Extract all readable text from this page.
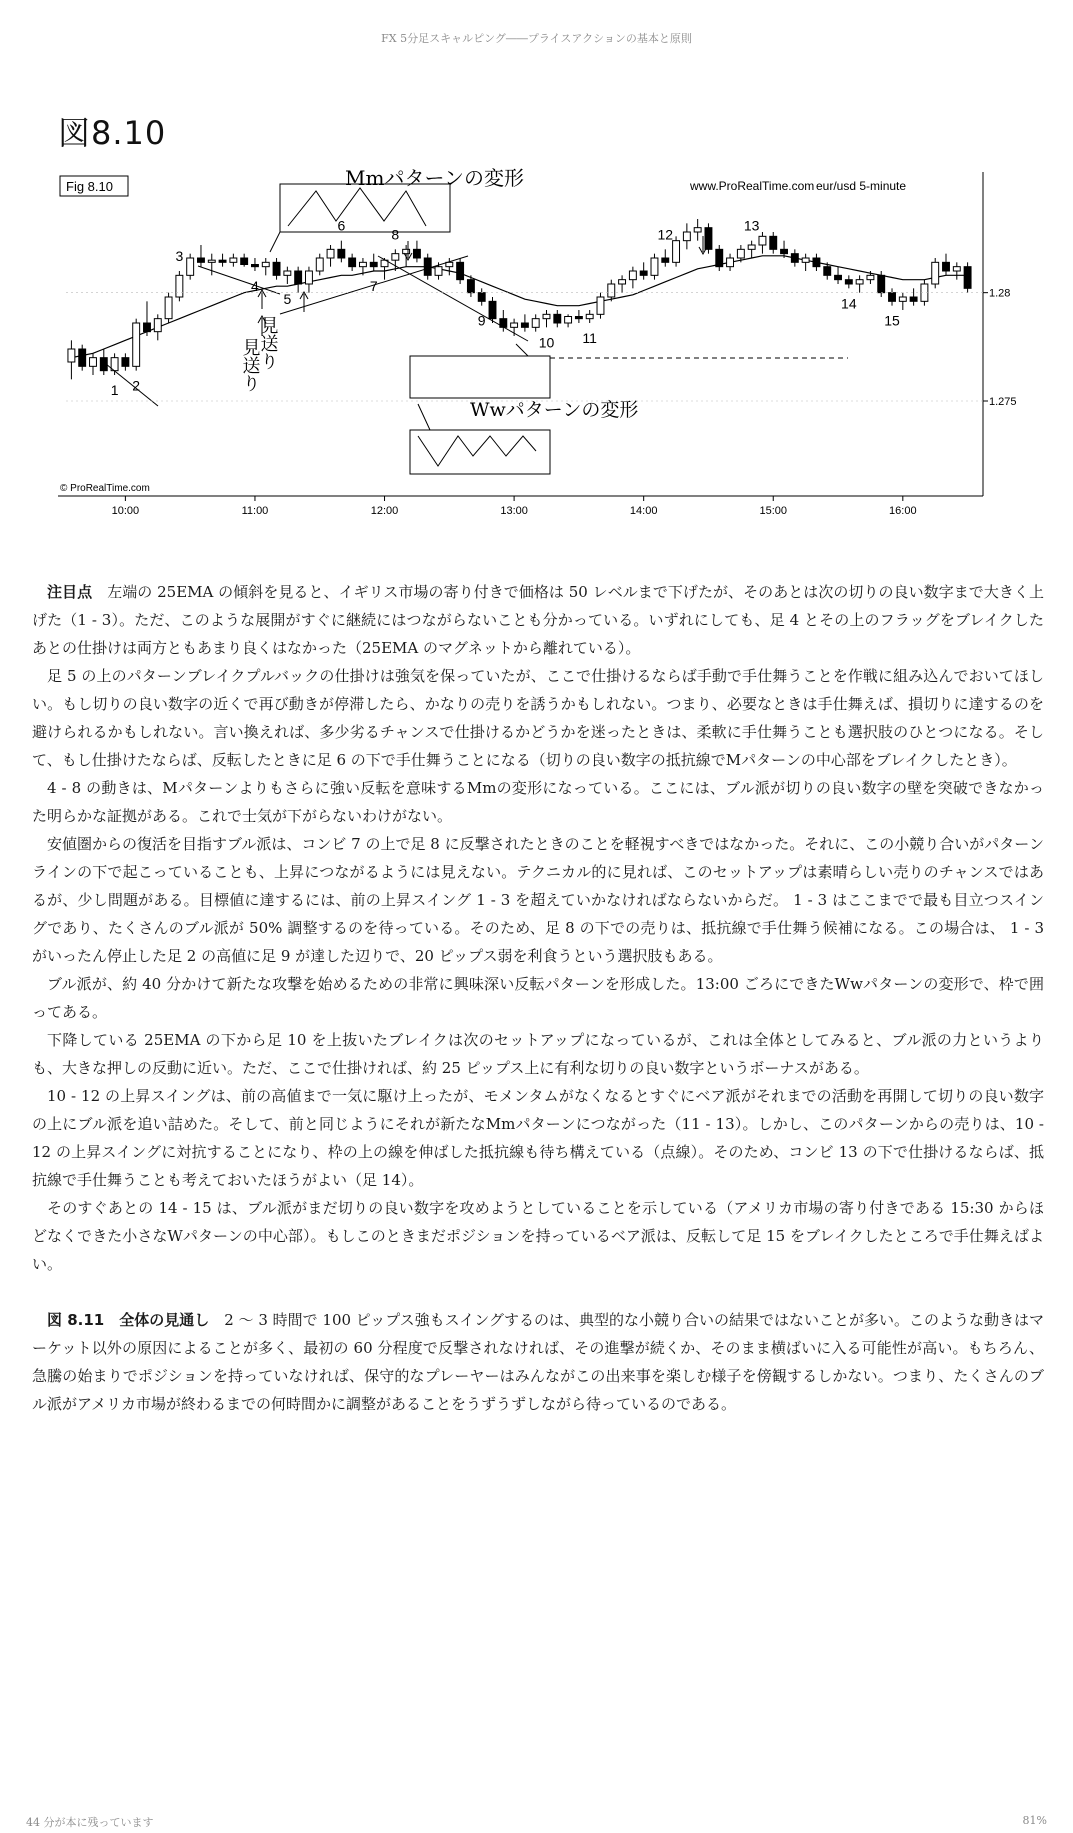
FX 5分足スキャルピング――プライスアクションの基本と原則
図8.10
Fig 8.10	www.ProRealTime.com eur/usd 5-minute
© ProRealTime.com
Mmパターンの変形
Wwパターンの変形
見送り
見送り
1 2
3
4
5
6
7
8
9
10 11
12
13
14
15
10:00	11:00	12:00	13:00	14:00	15:00	16:00
1.28
1.275

注目点　 左端の 25EMA の傾斜を見ると、イギリス市場の寄り付きで価格は 50 レベルまで下げたが、そのあとは次の切りの良い数字まで大きく上げた（1 - 3）。ただ、このような展開がすぐに継続にはつながらないことも分かっている。いずれにしても、足 4 とその上のフラッグをブレイクしたあとの仕掛けは両方ともあまり良くはなかった（25EMA のマグネットから離れている）。

足 5 の上のパターンブレイクプルバックの仕掛けは強気を保っていたが、ここで仕掛けるならば手動で手仕舞うことを作戦に組み込んでおいてほしい。もし切りの良い数字の近くで再び動きが停滞したら、かなりの売りを誘うかもしれない。つまり、必要なときは手仕舞えば、損切りに達するのを避けられるかもしれない。言い換えれば、多少劣るチャンスで仕掛けるかどうかを迷ったときは、柔軟に手仕舞うことも選択肢のひとつになる。そして、もし仕掛けたならば、反転したときに足 6 の下で手仕舞うことになる（切りの良い数字の抵抗線でMパターンの中心部をブレイクしたとき）。

4 - 8 の動きは、Mパターンよりもさらに強い反転を意味するMmの変形になっている。ここには、ブル派が切りの良い数字の壁を突破できなかった明らかな証拠がある。これで士気が下がらないわけがない。

安値圏からの復活を目指すブル派は、コンビ 7 の上で足 8 に反撃されたときのことを軽視すべきではなかった。それに、この小競り合いがパターンラインの下で起こっていることも、上昇につながるようには見えない。テクニカル的に見れば、このセットアップは素晴らしい売りのチャンスではあるが、少し問題がある。目標値に達するには、前の上昇スイング 1 - 3 を超えていかなければならないからだ。 1 - 3 はここまでで最も目立つスイングであり、たくさんのブル派が 50% 調整するのを待っている。そのため、足 8 の下での売りは、抵抗線で手仕舞う候補になる。この場合は、 1 - 3 がいったん停止した足 2 の高値に足 9 が達した辺りで、20 ピップス弱を利食うという選択肢もある。

ブル派が、約 40 分かけて新たな攻撃を始めるための非常に興味深い反転パターンを形成した。13:00 ごろにできたWwパターンの変形で、枠で囲ってある。

下降している 25EMA の下から足 10 を上抜いたブレイクは次のセットアップになっているが、これは全体としてみると、ブル派の力というよりも、大きな押しの反動に近い。ただ、ここで仕掛ければ、約 25 ピップス上に有利な切りの良い数字というボーナスがある。

10 - 12 の上昇スイングは、前の高値まで一気に駆け上ったが、モメンタムがなくなるとすぐにベア派がそれまでの活動を再開して切りの良い数字の上にブル派を追い詰めた。そして、前と同じようにそれが新たなMmパターンにつながった（11 - 13）。しかし、このパターンからの売りは、10 - 12 の上昇スイングに対抗することになり、枠の上の線を伸ばした抵抗線も待ち構えている（点線）。そのため、コンビ 13 の下で仕掛けるならば、抵抗線で手仕舞うことも考えておいたほうがよい（足 14）。

そのすぐあとの 14 - 15 は、ブル派がまだ切りの良い数字を攻めようとしていることを示している（アメリカ市場の寄り付きである 15:30 からほどなくできた小さなWパターンの中心部）。もしこのときまだポジションを持っているベア派は、反転して足 15 をブレイクしたところで手仕舞えばよい。

図 8.11　全体の見通し　 2 ～ 3 時間で 100 ピップス強もスイングするのは、典型的な小競り合いの結果ではないことが多い。このような動きはマーケット以外の原因によることが多く、最初の 60 分程度で反撃されなければ、その進撃が続くか、そのまま横ばいに入る可能性が高い。もちろん、急騰の始まりでポジションを持っていなければ、保守的なプレーヤーはみんながこの出来事を楽しむ様子を傍観するしかない。つまり、たくさんのブル派がアメリカ市場が終わるまでの何時間かに調整があることをうずうずしながら待っているのである。

44 分が本に残っています	81%
